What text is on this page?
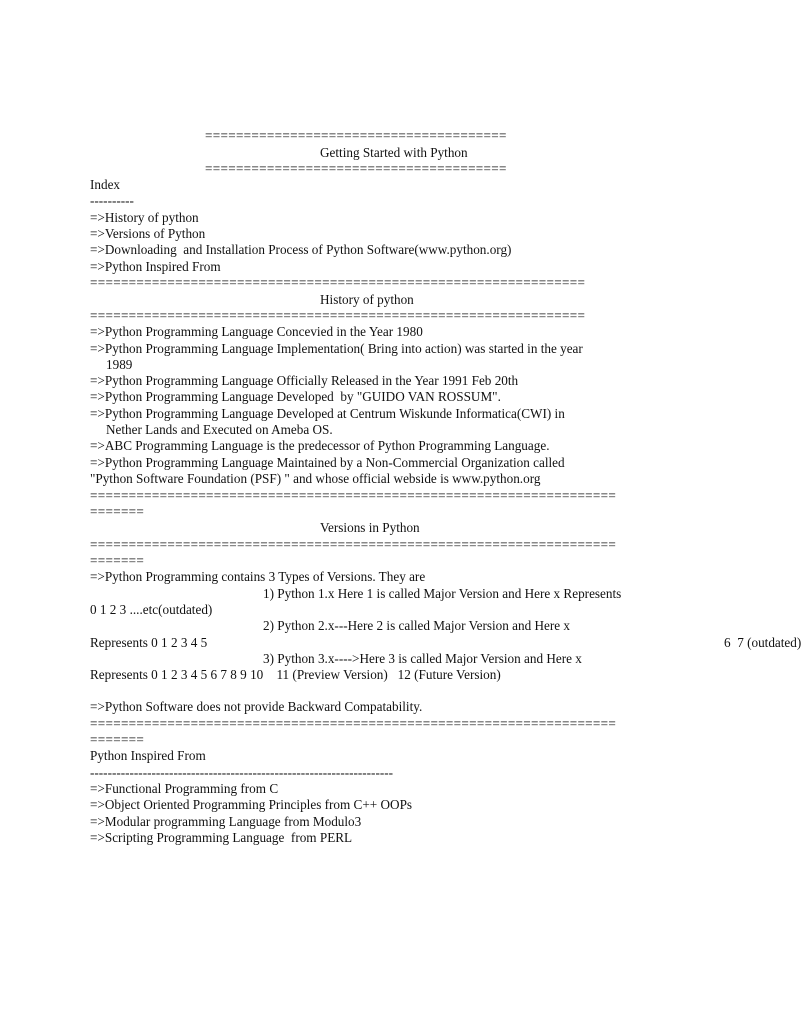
=======================================
Getting Started with Python
=======================================
Index
----------
=>History of python
=>Versions of Python
=>Downloading  and Installation Process of Python Software(www.python.org)
=>Python Inspired From
================================================================
History of python
================================================================
=>Python Programming Language Concevied in the Year 1980
=>Python Programming Language Implementation( Bring into action) was started in the year
1989
=>Python Programming Language Officially Released in the Year 1991 Feb 20th
=>Python Programming Language Developed  by "GUIDO VAN ROSSUM".
=>Python Programming Language Developed at Centrum Wiskunde Informatica(CWI) in
Nether Lands and Executed on Ameba OS.
=>ABC Programming Language is the predecessor of Python Programming Language.
=>Python Programming Language Maintained by a Non-Commercial Organization called
"Python Software Foundation (PSF) " and whose official webside is www.python.org
====================================================================
=======
Versions in Python
====================================================================
=======
=>Python Programming contains 3 Types of Versions. They are
1) Python 1.x Here 1 is called Major Version and Here x Represents
0 1 2 3 ....etc(outdated)
2) Python 2.x---Here 2 is called Major Version and Here x
Represents 0 1 2 3 4 5	6  7 (outdated)
3) Python 3.x---->Here 3 is called Major Version and Here x
Represents 0 1 2 3 4 5 6 7 8 9 10    11 (Preview Version)   12 (Future Version)
=>Python Software does not provide Backward Compatability.
====================================================================
=======
Python Inspired From
---------------------------------------------------------------------
=>Functional Programming from C
=>Object Oriented Programming Principles from C++ OOPs
=>Modular programming Language from Modulo3
=>Scripting Programming Language  from PERL
